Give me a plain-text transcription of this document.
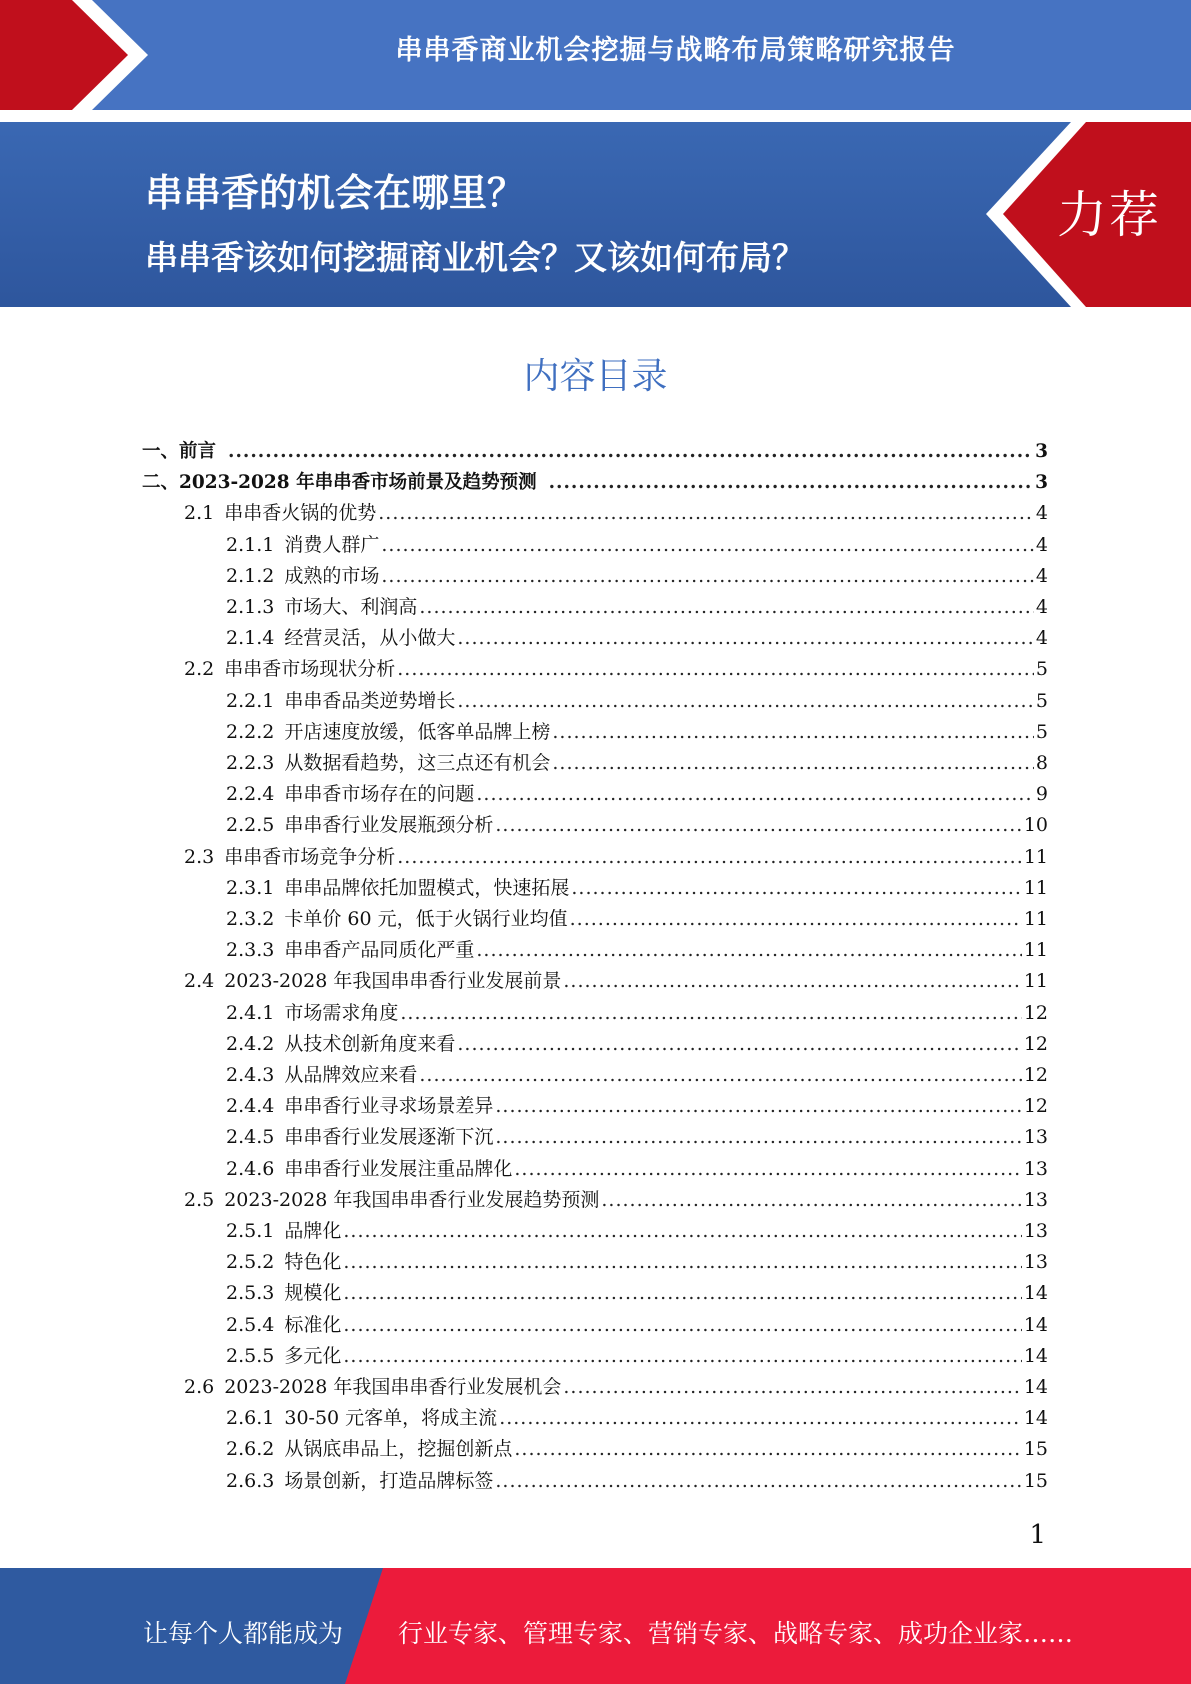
串串香商业机会挖掘与战略布局策略研究报告
串串香的机会在哪里？
串串香该如何挖掘商业机会？又该如何布局？
力荐
内容目录
一、前言 .....	3
二、2023-2028 年串串香市场前景及趋势预测 .....	3
2.1 串串香火锅的优势 .....	4
2.1.1 消费人群广 .....	4
2.1.2 成熟的市场 .....	4
2.1.3 市场大、利润高 .....	4
2.1.4 经营灵活，从小做大 .....	4
2.2 串串香市场现状分析 .....	5
2.2.1 串串香品类逆势增长 .....	5
2.2.2 开店速度放缓，低客单品牌上榜 .....	5
2.2.3 从数据看趋势，这三点还有机会 .....	8
2.2.4 串串香市场存在的问题 .....	9
2.2.5 串串香行业发展瓶颈分析 .....	10
2.3 串串香市场竞争分析 .....	11
2.3.1 串串品牌依托加盟模式，快速拓展 .....	11
2.3.2 卡单价 60 元，低于火锅行业均值 .....	11
2.3.3 串串香产品同质化严重 .....	11
2.4 2023-2028 年我国串串香行业发展前景 .....	11
2.4.1 市场需求角度 .....	12
2.4.2 从技术创新角度来看 .....	12
2.4.3 从品牌效应来看 .....	12
2.4.4 串串香行业寻求场景差异 .....	12
2.4.5 串串香行业发展逐渐下沉 .....	13
2.4.6 串串香行业发展注重品牌化 .....	13
2.5 2023-2028 年我国串串香行业发展趋势预测 .....	13
2.5.1 品牌化 .....	13
2.5.2 特色化 .....	13
2.5.3 规模化 .....	14
2.5.4 标准化 .....	14
2.5.5 多元化 .....	14
2.6 2023-2028 年我国串串香行业发展机会 .....	14
2.6.1 30-50 元客单，将成主流 .....	14
2.6.2 从锅底串品上，挖掘创新点 .....	15
2.6.3 场景创新，打造品牌标签 .....	15
1
让每个人都能成为 行业专家、管理专家、营销专家、战略专家、成功企业家……
